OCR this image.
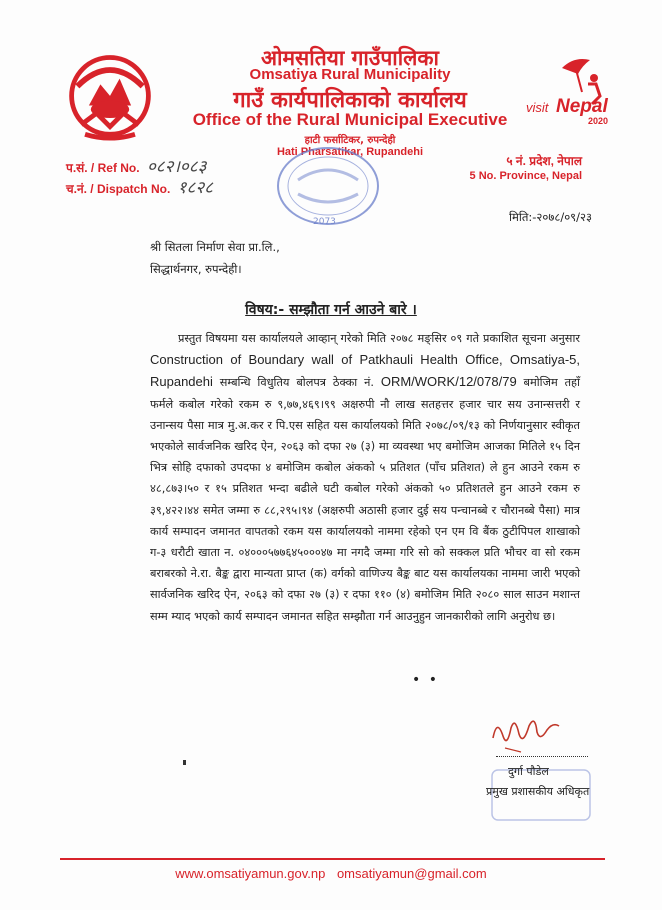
ओमसतिया गाउँपालिका
Omsatiya Rural Municipality
गाउँ कार्यपालिकाको कार्यालय
Office of the Rural Municipal Executive
हाटी फर्साटिकर, रुपन्देही
Hati Pharsatikar, Rupandehi
visit Nepal
2020
प.सं. / Ref No. ०८२।०८३
च.नं. / Dispatch No. १८२८
५ नं. प्रदेश, नेपाल
5 No. Province, Nepal
2073	मिति:-२०७८/०९/२३
श्री सितला निर्माण सेवा प्रा.लि.,
सिद्धार्थनगर, रुपन्देही।
विषय:- सम्झौता गर्न आउने बारे ।
प्रस्तुत विषयमा यस कार्यालयले आव्हान् गरेको मिति २०७८ मङ्सिर ०९ गते प्रकाशित सूचना अनुसार Construction of Boundary wall of Patkhauli Health Office, Omsatiya-5, Rupandehi सम्बन्धि विधुतिय बोलपत्र ठेक्का नं. ORM/WORK/12/078/79 बमोजिम तहाँ फर्मले कबोल गरेको रकम रु ९,७७,४६९।९९ अक्षरुपी नौ लाख सतहत्तर हजार चार सय उनान्सत्तरी र उनान्सय पैसा मात्र मु.अ.कर र पि.एस सहित यस कार्यालयको मिति २०७८/०९/१३ को निर्णयानुसार स्वीकृत भएकोले सार्वजनिक खरिद ऐन, २०६३ को दफा २७ (३) मा व्यवस्था भए बमोजिम आजका मितिले १५ दिन भित्र सोहि दफाको उपदफा ४ बमोजिम कबोल अंकको ५ प्रतिशत (पाँच प्रतिशत) ले हुन आउने रकम रु ४८,८७३।५० र १५ प्रतिशत भन्दा बढीले घटी कबोल गरेको अंकको ५० प्रतिशतले हुन आउने रकम रु ३९,४२२।४४ समेत जम्मा रु ८८,२९५।९४ (अक्षरुपी अठासी हजार दुई सय पन्चानब्बे र चौरानब्बे पैसा) मात्र कार्य सम्पादन जमानत वापतको रकम यस कार्यालयको नाममा रहेको एन एम वि बैंक ठुटीपिपल शाखाको ग-३ धरौटी खाता न. ०४०००५७७६४५०००४७ मा नगदै जम्मा गरि सो को सक्कल प्रति भौचर वा सो रकम बराबरको ने.रा. बैङ्क द्वारा मान्यता प्राप्त (क) वर्गको वाणिज्य बैङ्क बाट यस कार्यालयका नाममा जारी भएको सार्वजनिक खरिद ऐन, २०६३ को दफा २७ (३) र दफा ११० (४) बमोजिम मिति २०८० साल साउन मशान्त सम्म म्याद भएको कार्य सम्पादन जमानत सहित सम्झौता गर्न आउनुहुन जानकारीको लागि अनुरोध छ।
• •
दुर्गा पौडेल
प्रमुख प्रशासकीय अधिकृत
www.omsatiyamun.gov.np omsatiyamun@gmail.com
